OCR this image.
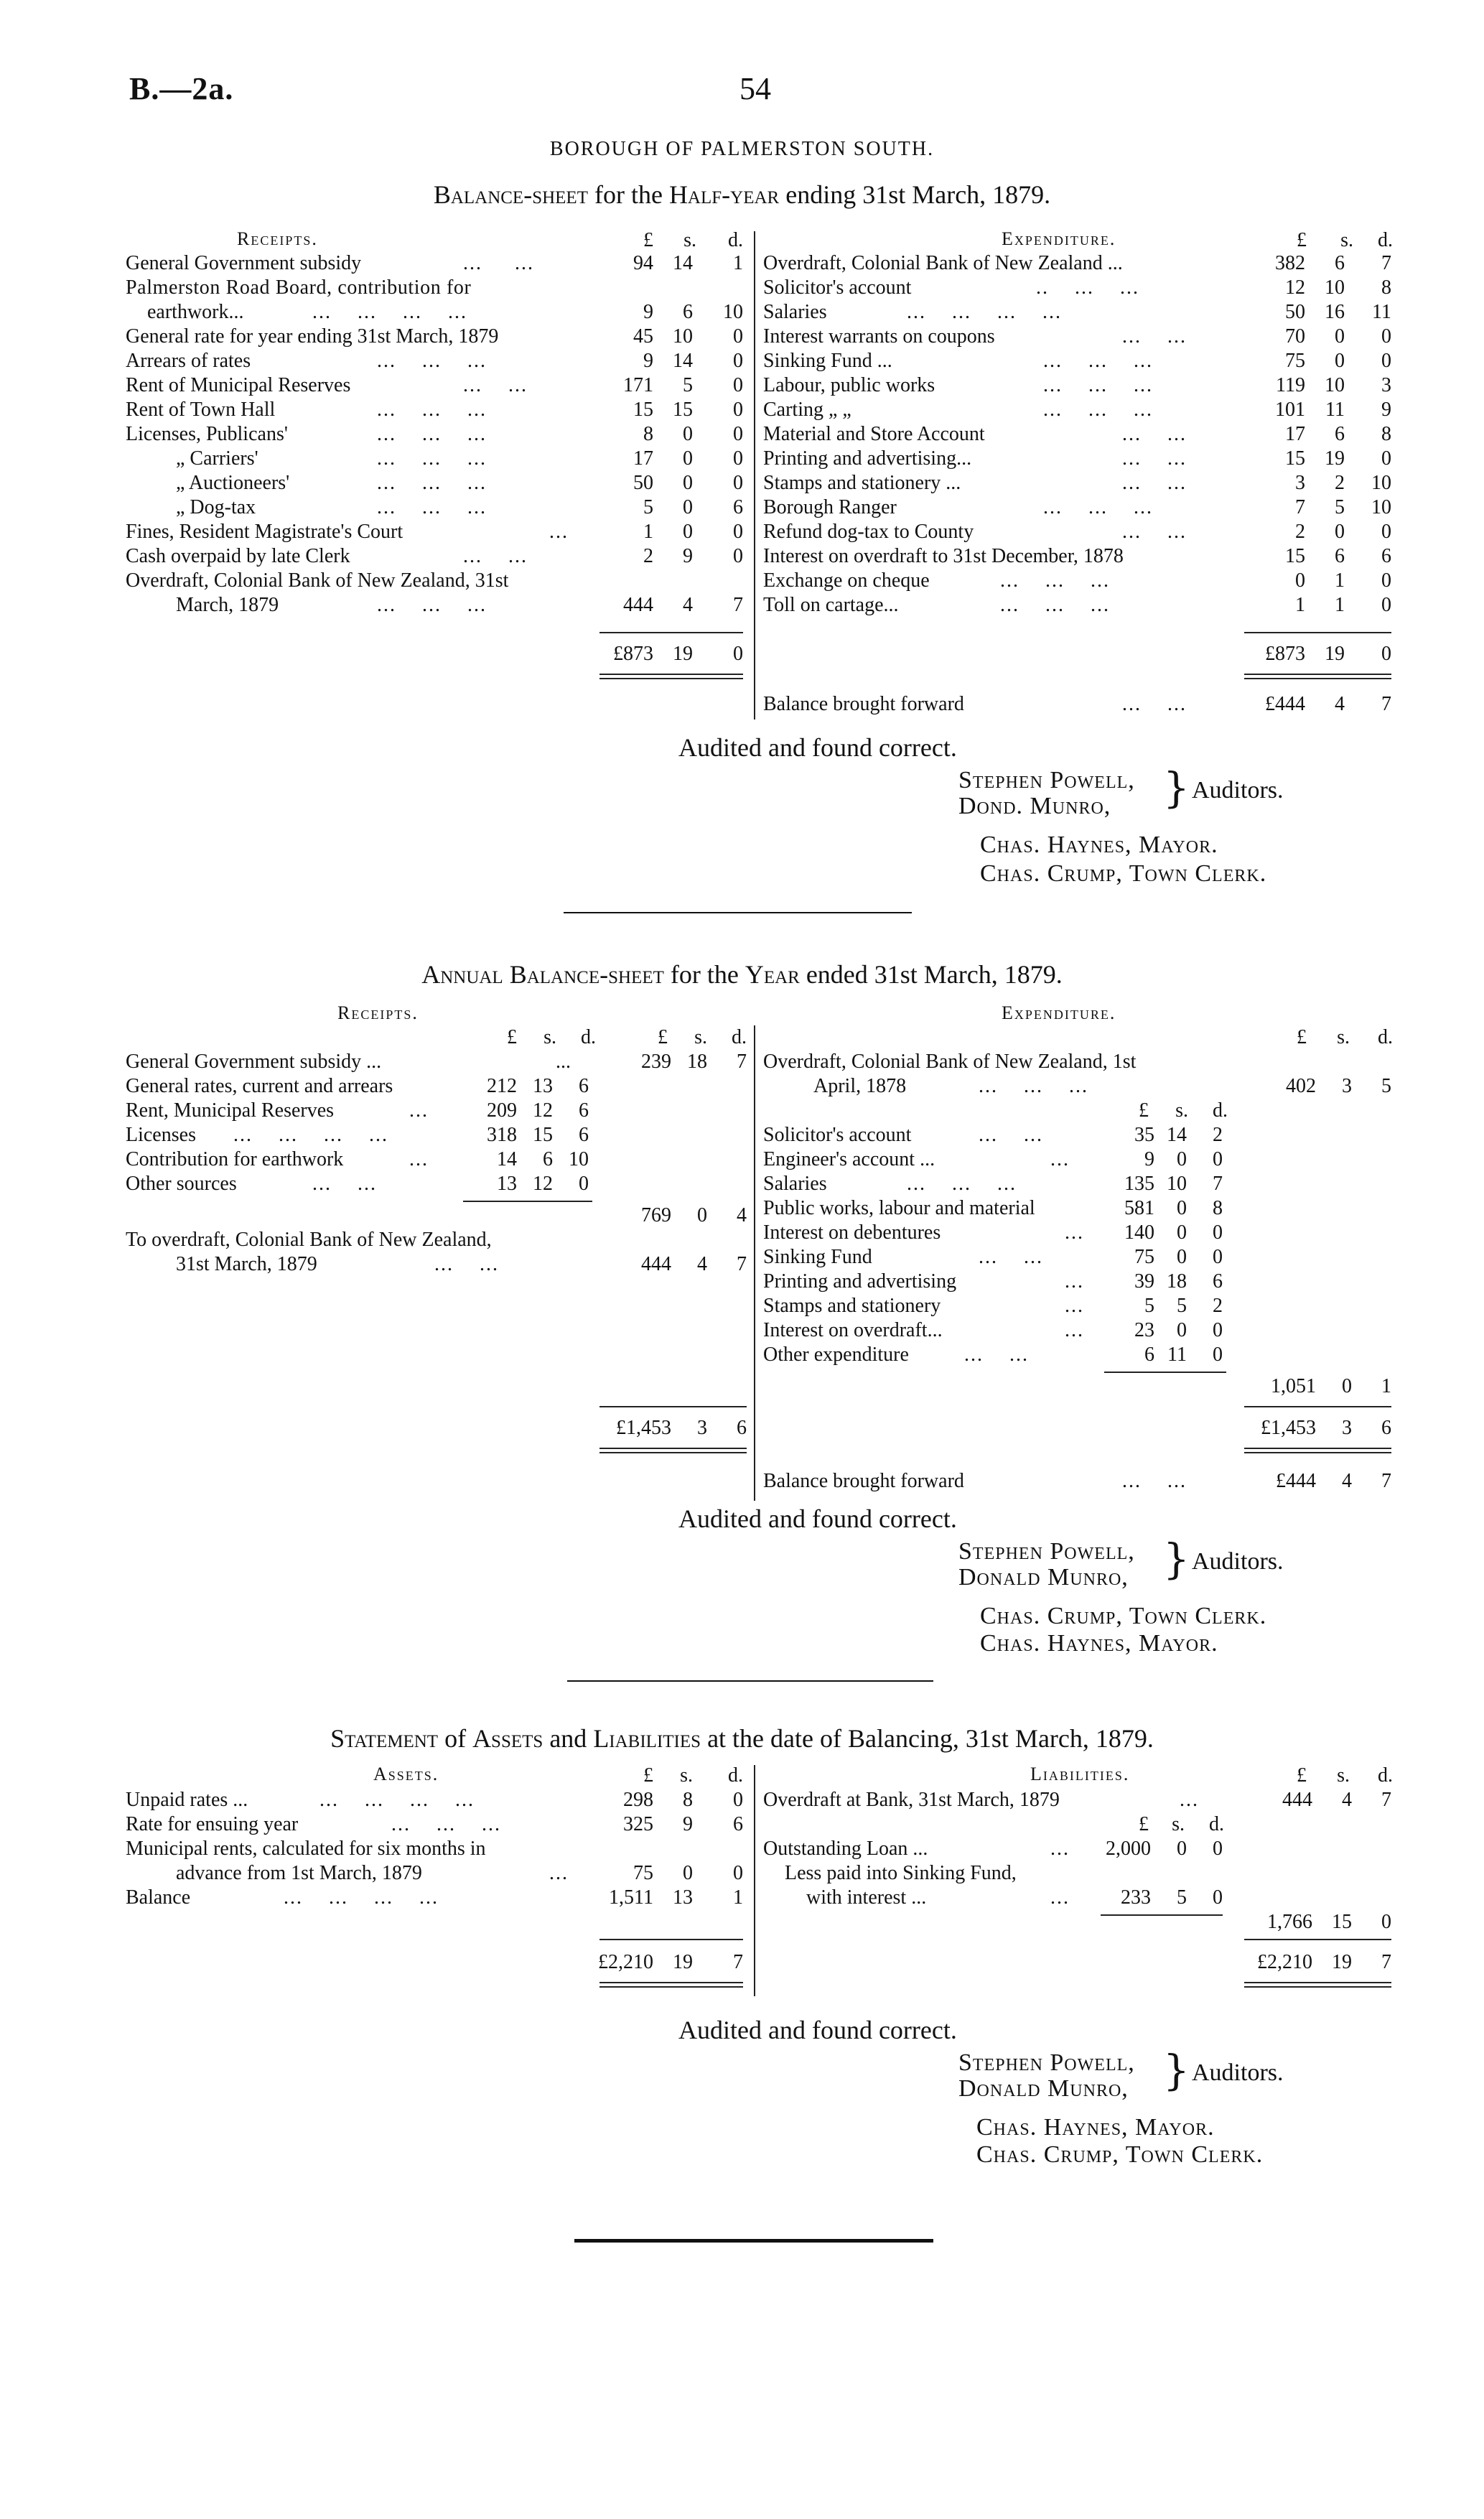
B.—2a.	54
BOROUGH OF PALMERSTON SOUTH.
Balance-sheet for the Half-year ending 31st March, 1879.
Receipts.	Expenditure.
£	s.	d.	£	s.	d.
General Government subsidy	...     ...	94 14	1
Palmerston Road Board, contribution for
earthwork...	...    ...    ...    ...	9	6	10
General rate for year ending 31st March, 1879	45 10	0
Arrears of rates	...    ...    ...	9 14	0
Rent of Municipal Reserves	...    ...	171	5	0
Rent of Town Hall	...    ...    ...	15 15	0
Licenses, Publicans'	...    ...    ...	8	0	0
„ Carriers'	...    ...    ...	17	0	0
„ Auctioneers'	...    ...    ...	50	0	0
„ Dog-tax	...    ...    ...	5	0	6
Fines, Resident Magistrate's Court	...	1	0	0
Cash overpaid by late Clerk	...    ...	2	9	0
Overdraft, Colonial Bank of New Zealand, 31st
March, 1879	...    ...    ...	444	4	7
£873 19	0
Overdraft, Colonial Bank of New Zealand ...	382	6	7
Solicitor's account	..    ...    ...	12 10	8
Salaries	...    ...    ...    ...	50 16	11
Interest warrants on coupons	...    ...	70	0	0
Sinking Fund ...	...    ...    ...	75	0	0
Labour, public works	...    ...    ...	119 10	3
Carting „ „	...    ...    ...	101	11	9
Material and Store Account	...    ...	17	6	8
Printing and advertising...	...    ...	15 19	0
Stamps and stationery ...	...    ...	3	2	10
Borough Ranger	...    ...    ...	7	5	10
Refund dog-tax to County	...    ...	2	0	0
Interest on overdraft to 31st December, 1878	15	6	6
Exchange on cheque	...    ...    ...	0	1	0
Toll on cartage...	...    ...    ...	1	1	0
£873 19	0
Balance brought forward	...    ...	£444	4	7
Audited and found correct.
Stephen Powell,
Dond. Munro, } Auditors.
Chas. Haynes, Mayor.
Chas. Crump, Town Clerk.
Annual Balance-sheet for the Year ended 31st March, 1879.
Receipts.	Expenditure.
£	s.	d.	£	s.	d.	£	s.	d.
£	s.	d.
General Government subsidy ...	...	239 18	7
General rates, current and arrears	212 13	6
Rent, Municipal Reserves	...	209 12	6
Licenses ...    ...    ...    ...	318 15	6
Contribution for earthwork	...	14	6 10
Other sources	...    ...	13 12	0
769	0	4
To overdraft, Colonial Bank of New Zealand,
31st March, 1879	...    ...	444	4	7
£1,453	3	6
Overdraft, Colonial Bank of New Zealand, 1st
April, 1878	...    ...    ...	402	3	5
Solicitor's account	...    ...	35 14	2
Engineer's account ...	...	9	0	0
Salaries	...    ...    ...	135 10	7
Public works, labour and material	581	0	8
Interest on debentures	...	140	0	0
Sinking Fund	...    ...	75	0	0
Printing and advertising	...	39 18	6
Stamps and stationery	...	5	5	2
Interest on overdraft...	...	23	0	0
Other expenditure	...    ...	6 11	0
1,051	0	1
£1,453	3	6
Balance brought forward	...    ...	£444	4	7
Audited and found correct.
Stephen Powell,
Donald Munro, } Auditors.
Chas. Crump, Town Clerk.
Chas. Haynes, Mayor.
Statement of Assets and Liabilities at the date of Balancing, 31st March, 1879.
Assets.	Liabilities.
£	s.	d.	£	s.	d.
£	s.	d.
Unpaid rates ...	...    ...    ...    ...	298	8	0
Rate for ensuing year	...    ...    ...	325	9	6
Municipal rents, calculated for six months in
advance from 1st March, 1879	...	75	0	0
Balance	...    ...    ...    ...	1,511 13	1
£2,210 19	7
Overdraft at Bank, 31st March, 1879	...	444	4	7
Outstanding Loan ...	...	2,000	0	0
Less paid into Sinking Fund,
with interest ...	...	233	5	0
1,766 15	0
£2,210 19	7
Audited and found correct.
Stephen Powell,
Donald Munro, } Auditors.
Chas. Haynes, Mayor.
Chas. Crump, Town Clerk.
